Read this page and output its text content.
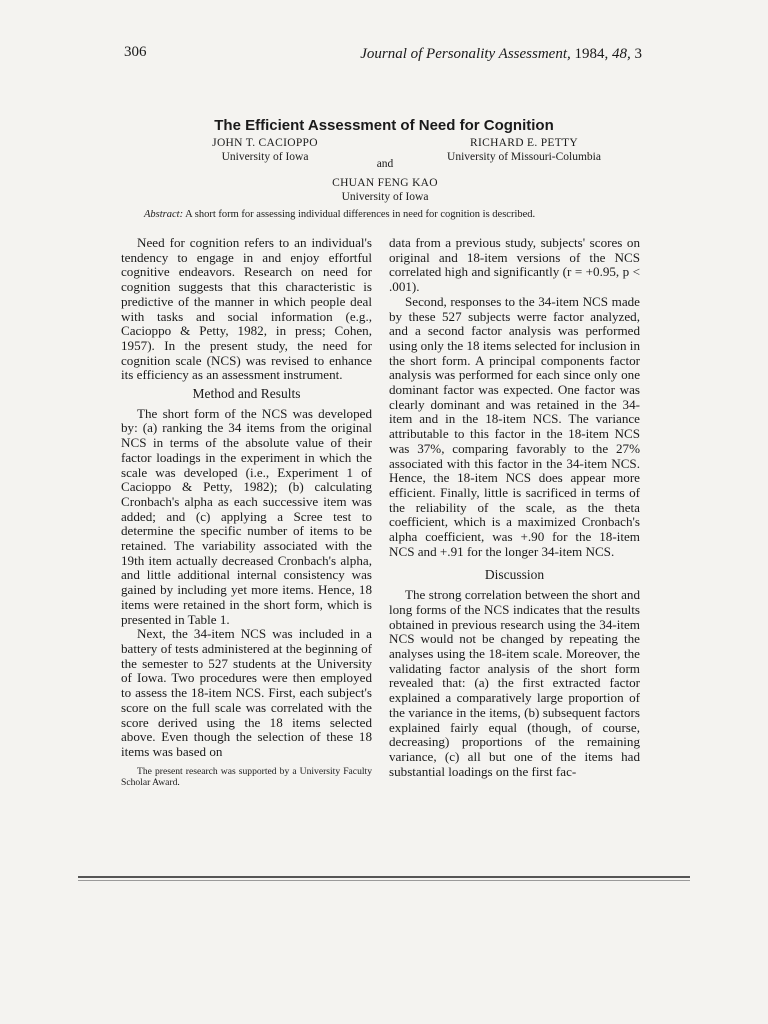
306	Journal of Personality Assessment, 1984, 48, 3
The Efficient Assessment of Need for Cognition
JOHN T. CACIOPPO
University of Iowa
RICHARD E. PETTY
University of Missouri-Columbia
and
CHUAN FENG KAO
University of Iowa
Abstract: A short form for assessing individual differences in need for cognition is described.

Need for cognition refers to an individual's tendency to engage in and enjoy effortful cognitive endeavors. Research on need for cognition suggests that this characteristic is predictive of the manner in which people deal with tasks and social information (e.g., Cacioppo & Petty, 1982, in press; Cohen, 1957). In the present study, the need for cognition scale (NCS) was revised to enhance its efficiency as an assessment instrument.

Method and Results

The short form of the NCS was developed by: (a) ranking the 34 items from the original NCS in terms of the absolute value of their factor loadings in the experiment in which the scale was developed (i.e., Experiment 1 of Cacioppo & Petty, 1982); (b) calculating Cronbach's alpha as each successive item was added; and (c) applying a Scree test to determine the specific number of items to be retained. The variability associated with the 19th item actually decreased Cronbach's alpha, and little additional internal consistency was gained by including yet more items. Hence, 18 items were retained in the short form, which is presented in Table 1.

Next, the 34-item NCS was included in a battery of tests administered at the beginning of the semester to 527 students at the University of Iowa. Two procedures were then employed to assess the 18-item NCS. First, each subject's score on the full scale was correlated with the score derived using the 18 items selected above. Even though the selection of these 18 items was based on

The present research was supported by a University Faculty Scholar Award.

data from a previous study, subjects' scores on original and 18-item versions of the NCS correlated high and significantly (r = +0.95, p < .001).

Second, responses to the 34-item NCS made by these 527 subjects werre factor analyzed, and a second factor analysis was performed using only the 18 items selected for inclusion in the short form. A principal components factor analysis was performed for each since only one dominant factor was expected. One factor was clearly dominant and was retained in the 34-item and in the 18-item NCS. The variance attributable to this factor in the 18-item NCS was 37%, comparing favorably to the 27% associated with this factor in the 34-item NCS. Hence, the 18-item NCS does appear more efficient. Finally, little is sacrificed in terms of the reliability of the scale, as the theta coefficient, which is a maximized Cronbach's alpha coefficient, was +.90 for the 18-item NCS and +.91 for the longer 34-item NCS.

Discussion

The strong correlation between the short and long forms of the NCS indicates that the results obtained in previous research using the 34-item NCS would not be changed by repeating the analyses using the 18-item scale. Moreover, the validating factor analysis of the short form revealed that: (a) the first extracted factor explained a comparatively large proportion of the variance in the items, (b) subsequent factors explained fairly equal (though, of course, decreasing) proportions of the remaining variance, (c) all but one of the items had substantial loadings on the first fac-
